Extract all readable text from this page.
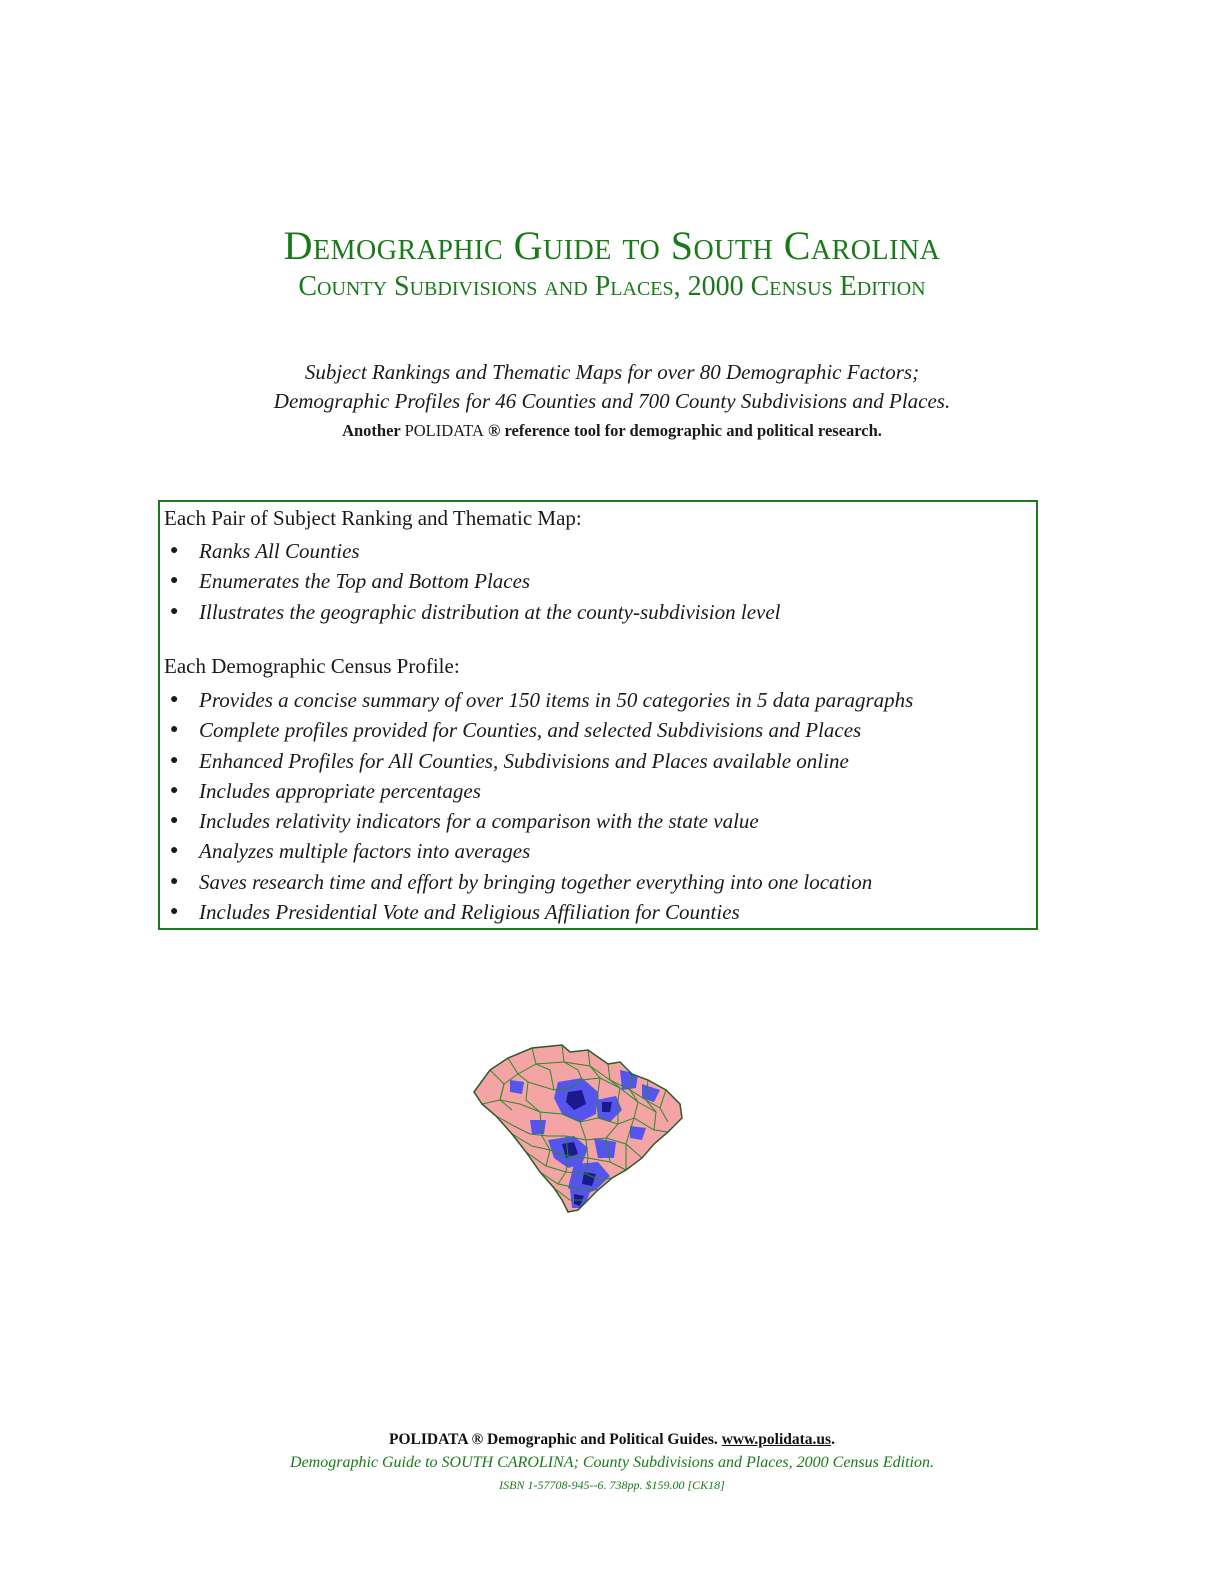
Demographic Guide to South Carolina
County Subdivisions and Places, 2000 Census Edition
Subject Rankings and Thematic Maps for over 80 Demographic Factors;
Demographic Profiles for 46 Counties and 700 County Subdivisions and Places.
Another POLIDATA ® reference tool for demographic and political research.
Each Pair of Subject Ranking and Thematic Map:
● Ranks All Counties
● Enumerates the Top and Bottom Places
● Illustrates the geographic distribution at the county-subdivision level
Each Demographic Census Profile:
● Provides a concise summary of over 150 items in 50 categories in 5 data paragraphs
● Complete profiles provided for Counties, and selected Subdivisions and Places
● Enhanced Profiles for All Counties, Subdivisions and Places available online
● Includes appropriate percentages
● Includes relativity indicators for a comparison with the state value
● Analyzes multiple factors into averages
● Saves research time and effort by bringing together everything into one location
● Includes Presidential Vote and Religious Affiliation for Counties
POLIDATA ® Demographic and Political Guides. www.polidata.us.
Demographic Guide to SOUTH CAROLINA; County Subdivisions and Places, 2000 Census Edition.
ISBN 1-57708-945--6. 738pp. $159.00 [CK18]
